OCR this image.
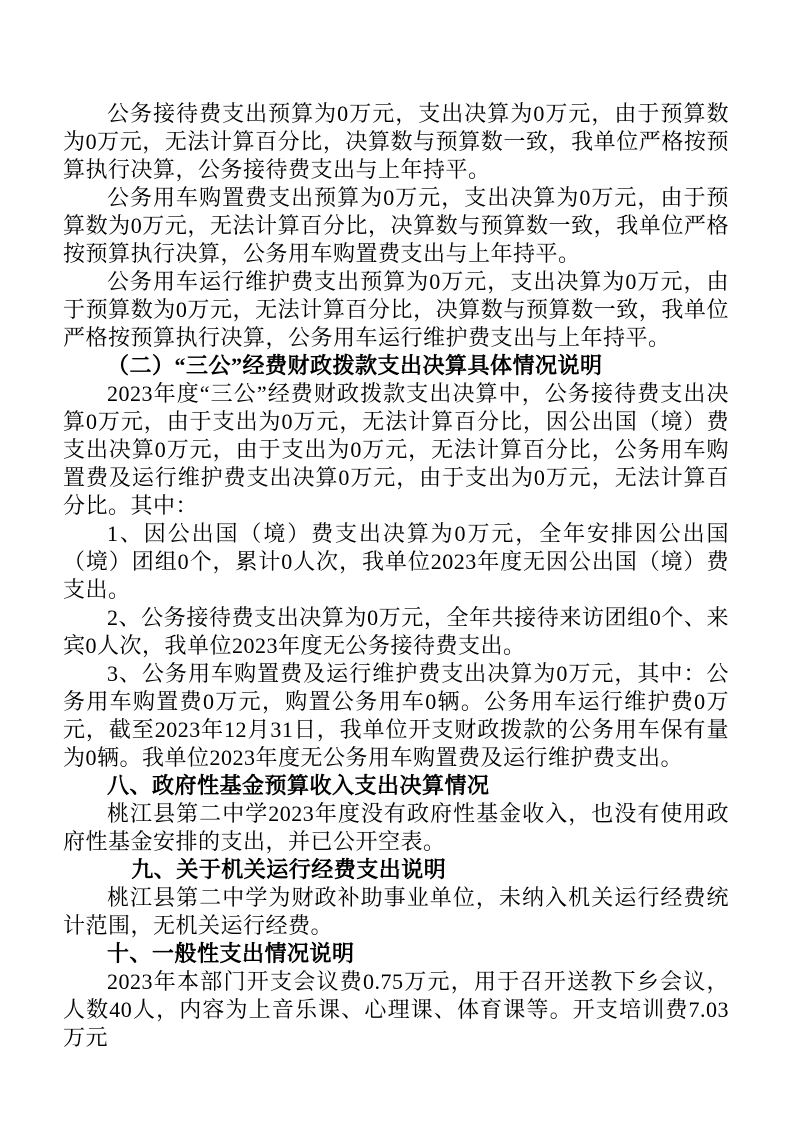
公务接待费支出预算为0万元，支出决算为0万元，由于预算数为0万元，无法计算百分比，决算数与预算数一致，我单位严格按预算执行决算，公务接待费支出与上年持平。

公务用车购置费支出预算为0万元，支出决算为0万元，由于预算数为0万元，无法计算百分比，决算数与预算数一致，我单位严格按预算执行决算，公务用车购置费支出与上年持平。

公务用车运行维护费支出预算为0万元，支出决算为0万元，由于预算数为0万元，无法计算百分比，决算数与预算数一致，我单位严格按预算执行决算，公务用车运行维护费支出与上年持平。

（二）“三公”经费财政拨款支出决算具体情况说明

2023年度“三公”经费财政拨款支出决算中，公务接待费支出决算0万元，由于支出为0万元，无法计算百分比，因公出国（境）费支出决算0万元，由于支出为0万元，无法计算百分比，公务用车购置费及运行维护费支出决算0万元，由于支出为0万元，无法计算百分比。其中：

1、因公出国（境）费支出决算为0万元，全年安排因公出国（境）团组0个，累计0人次，我单位2023年度无因公出国（境）费支出。

2、公务接待费支出决算为0万元，全年共接待来访团组0个、来宾0人次，我单位2023年度无公务接待费支出。

3、公务用车购置费及运行维护费支出决算为0万元，其中：公务用车购置费0万元，购置公务用车0辆。公务用车运行维护费0万元，截至2023年12月31日，我单位开支财政拨款的公务用车保有量为0辆。我单位2023年度无公务用车购置费及运行维护费支出。

八、政府性基金预算收入支出决算情况

桃江县第二中学2023年度没有政府性基金收入，也没有使用政府性基金安排的支出，并已公开空表。

九、关于机关运行经费支出说明

桃江县第二中学为财政补助事业单位，未纳入机关运行经费统计范围，无机关运行经费。

十、一般性支出情况说明

2023年本部门开支会议费0.75万元，用于召开送教下乡会议，人数40人，内容为上音乐课、心理课、体育课等。开支培训费7.03万元
